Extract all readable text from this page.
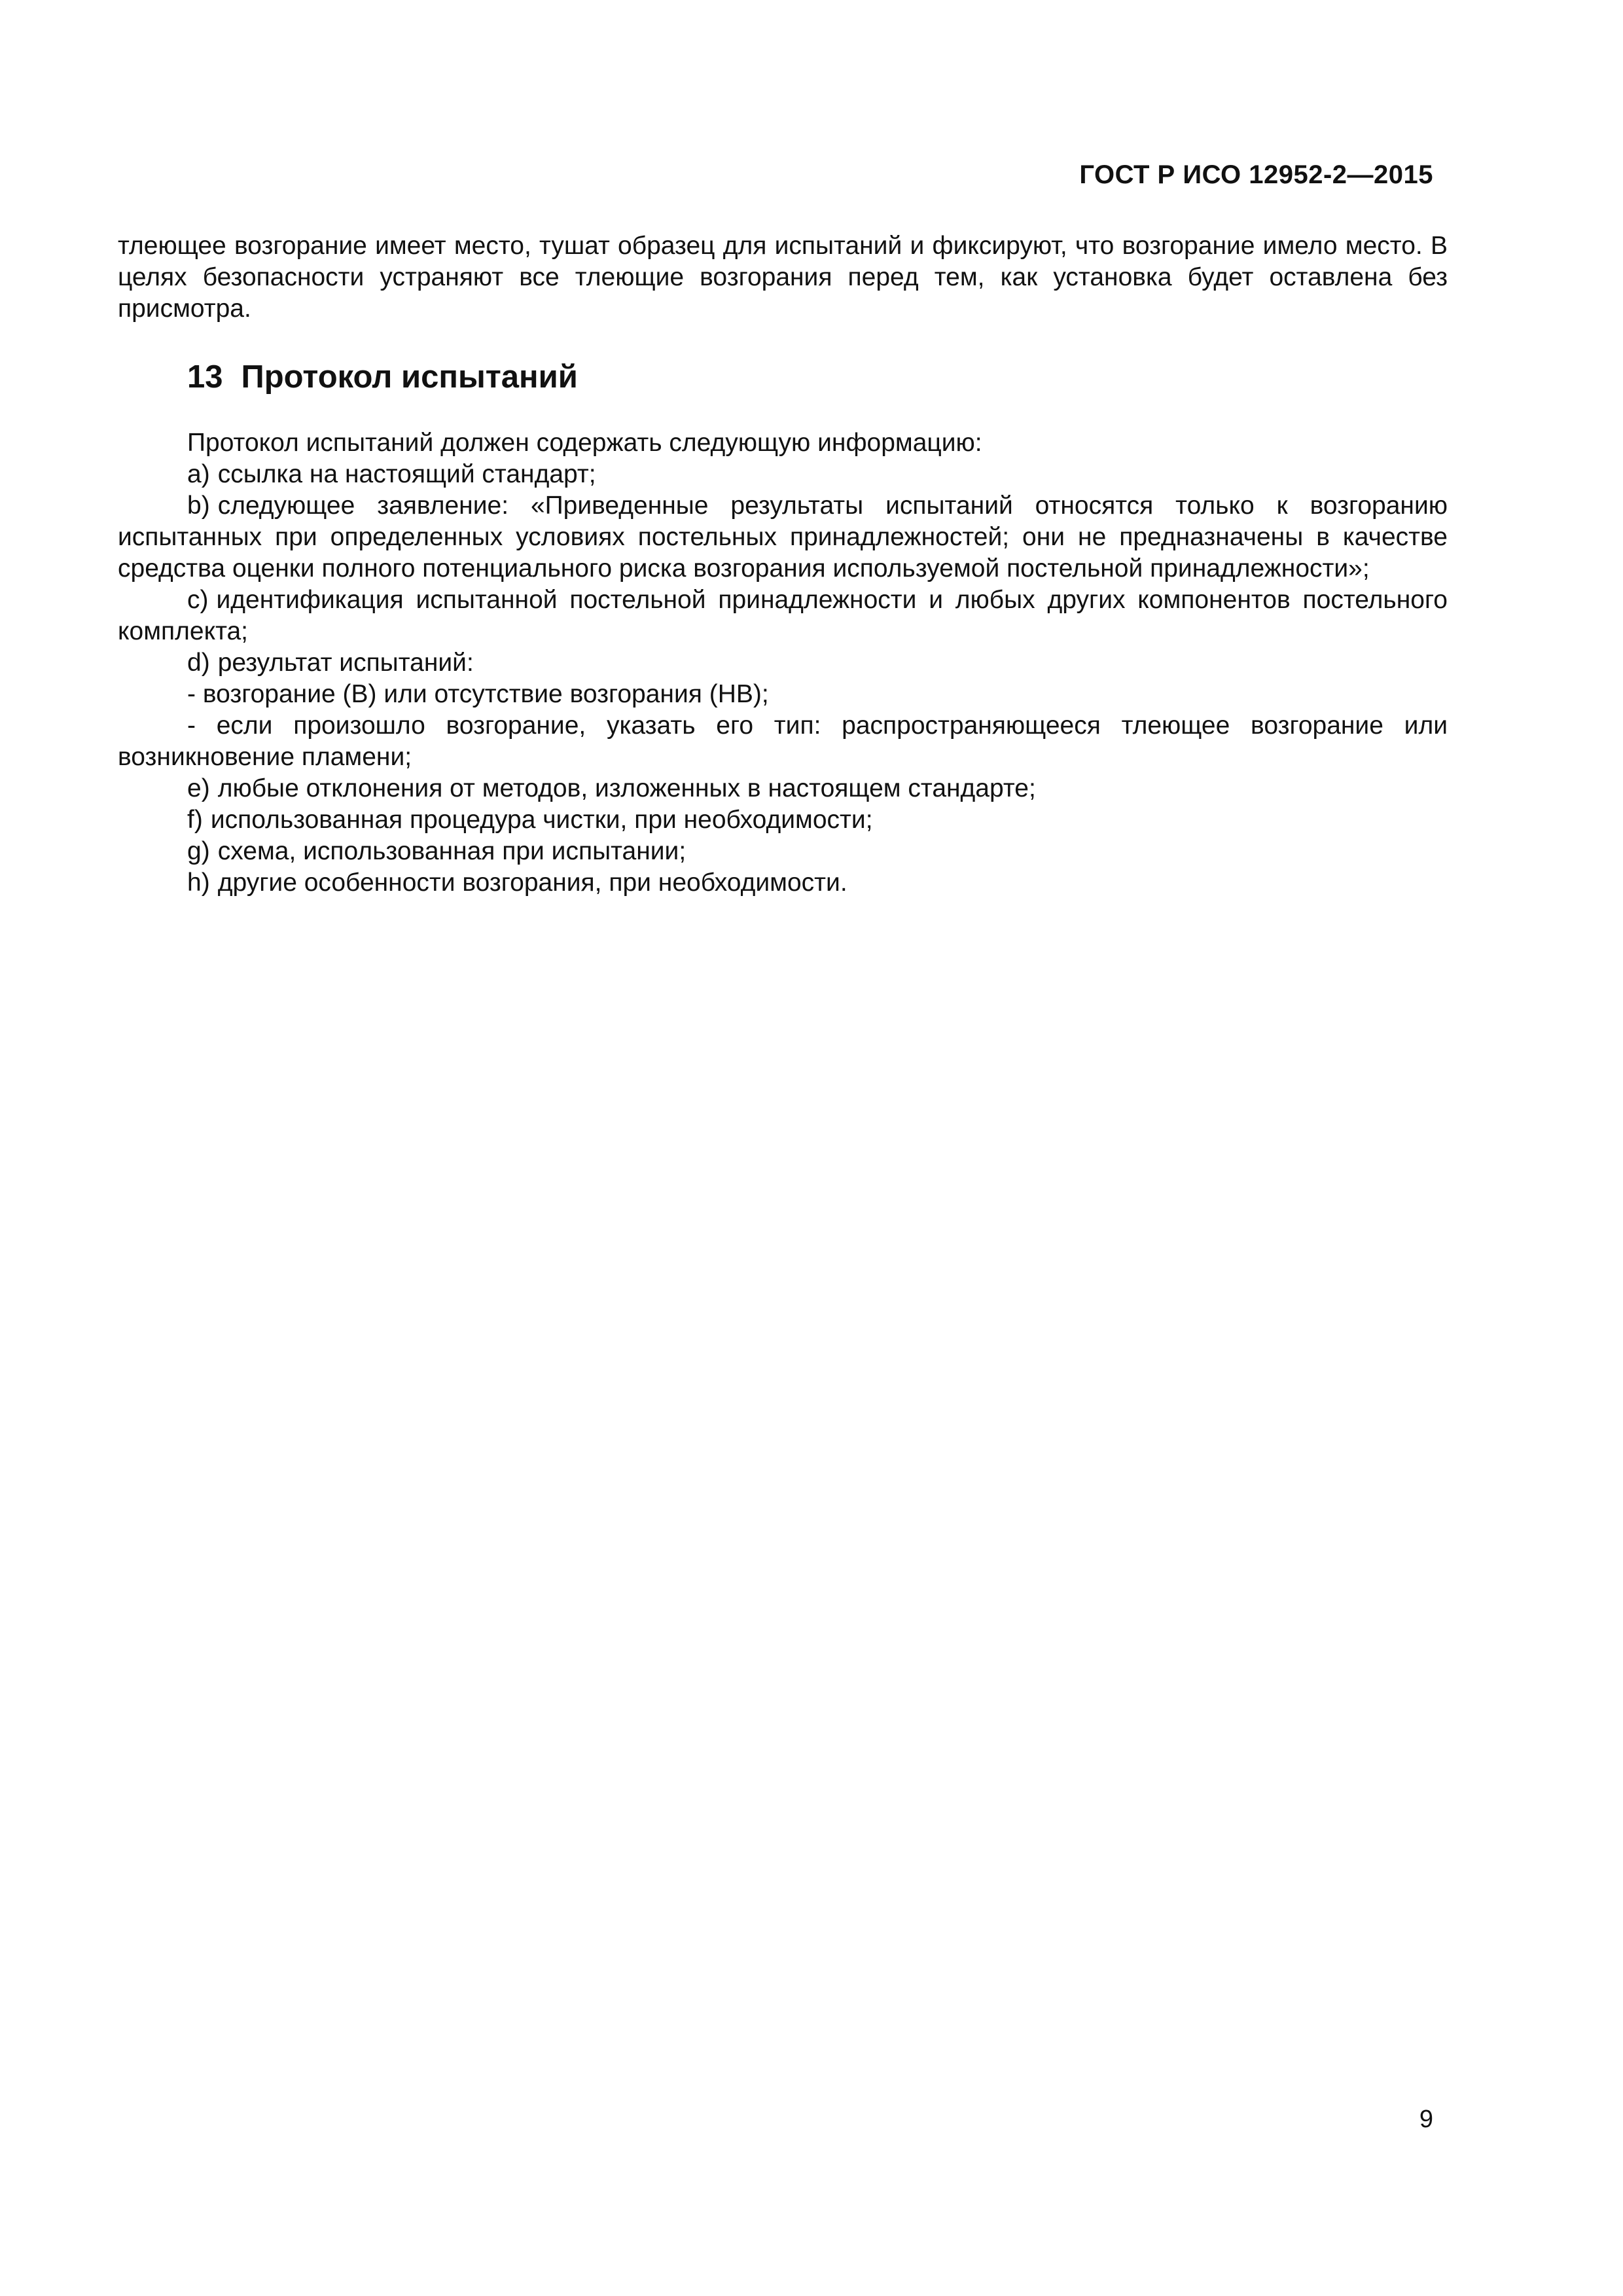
ГОСТ Р ИСО 12952-2—2015

тлеющее возгорание имеет место, тушат образец для испытаний и фиксируют, что возгорание имело место. В целях безопасности устраняют все тлеющие возгорания перед тем, как установка будет оставлена без присмотра.

13 Протокол испытаний

Протокол испытаний должен содержать следующую информацию:

a) ссылка на настоящий стандарт;

b) следующее заявление: «Приведенные результаты испытаний относятся только к возгоранию испытанных при определенных условиях постельных принадлежностей; они не предназначены в качестве средства оценки полного потенциального риска возгорания используемой постельной принадлежности»;

c) идентификация испытанной постельной принадлежности и любых других компонентов постельного комплекта;

d) результат испытаний:

- возгорание (В) или отсутствие возгорания (НВ);

- если произошло возгорание, указать его тип: распространяющееся тлеющее возгорание или возникновение пламени;

e) любые отклонения от методов, изложенных в настоящем стандарте;

f) использованная процедура чистки, при необходимости;

g) схема, использованная при испытании;

h) другие особенности возгорания, при необходимости.

9
